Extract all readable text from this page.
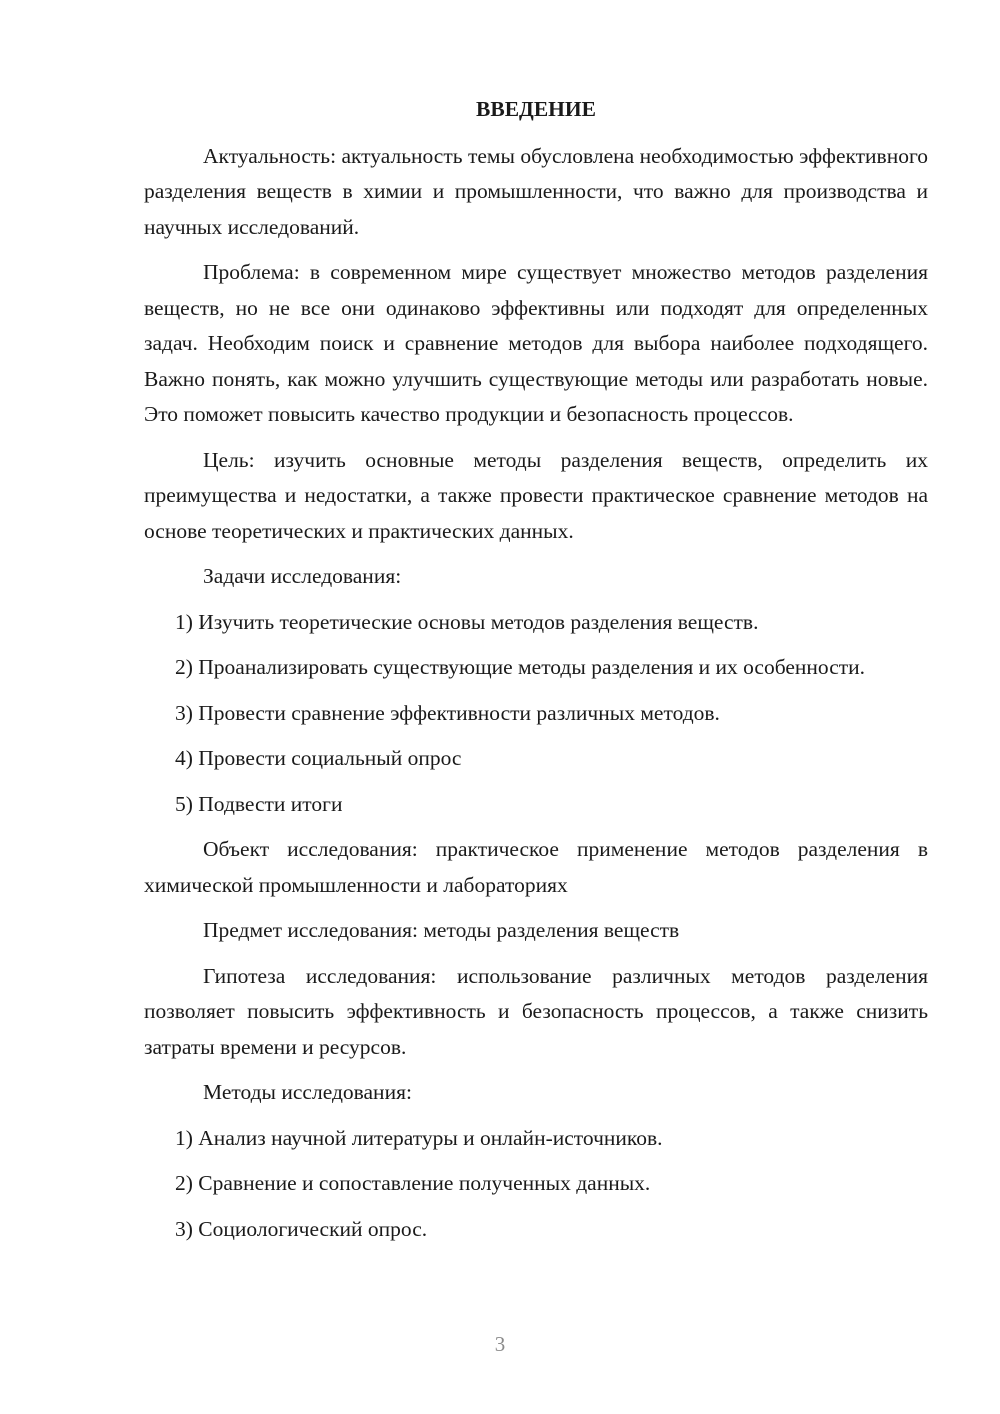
ВВЕДЕНИЕ

Актуальность: актуальность темы обусловлена необходимостью эффективного разделения веществ в химии и промышленности, что важно для производства и научных исследований.

Проблема: в современном мире существует множество методов разделения веществ, но не все они одинаково эффективны или подходят для определенных задач. Необходим поиск и сравнение методов для выбора наиболее подходящего. Важно понять, как можно улучшить существующие методы или разработать новые. Это поможет повысить качество продукции и безопасность процессов.

Цель: изучить основные методы разделения веществ, определить их преимущества и недостатки, а также провести практическое сравнение методов на основе теоретических и практических данных.

Задачи исследования:

1) Изучить теоретические основы методов разделения веществ.

2) Проанализировать существующие методы разделения и их особенности.

3) Провести сравнение эффективности различных методов.

4) Провести социальный опрос

5) Подвести итоги

Объект исследования: практическое применение методов разделения в химической промышленности и лабораториях

Предмет исследования: методы разделения веществ

Гипотеза исследования: использование различных методов разделения позволяет повысить эффективность и безопасность процессов, а также снизить затраты времени и ресурсов.

Методы исследования:

1) Анализ научной литературы и онлайн-источников.

2) Сравнение и сопоставление полученных данных.

3) Социологический опрос.

3
